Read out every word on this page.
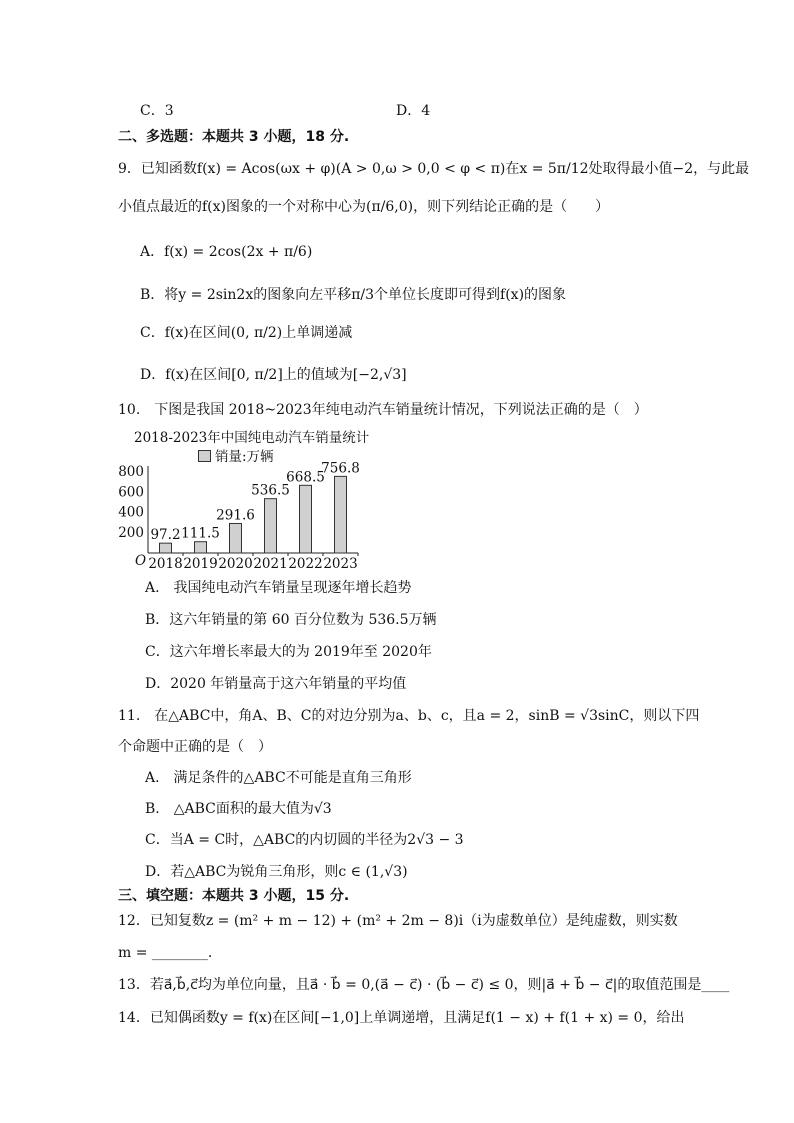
C．3	D．4
二、多选题：本题共 3 小题，18 分.
9．已知函数f(x) = Acos(ωx + φ)(A > 0,ω > 0,0 < φ < π)在x = 5π/12处取得最小值−2，与此最
小值点最近的f(x)图象的一个对称中心为(π/6,0)，则下列结论正确的是（　　）
A．f(x) = 2cos(2x + π/6)
B．将y = 2sin2x的图象向左平移π/3个单位长度即可得到f(x)的图象
C．f(x)在区间(0, π/2)上单调递减
D．f(x)在区间[0, π/2]上的值域为[−2,√3]
10.　下图是我国 2018~2023年纯电动汽车销量统计情况，下列说法正确的是（　）
2018-2023年中国纯电动汽车销量统计
销量:万辆
800
600
400
200
O
97.2
2018
111.5
2019
291.6
2020
536.5
2021
668.5
2022
756.8
2023
A.　我国纯电动汽车销量呈现逐年增长趋势
B．这六年销量的第 60 百分位数为 536.5万辆
C．这六年增长率最大的为 2019年至 2020年
D．2020 年销量高于这六年销量的平均值
11.　在△ABC中，角A、B、C的对边分别为a、b、c，且a = 2，sinB = √3sinC，则以下四
个命题中正确的是（　）
A.　满足条件的△ABC不可能是直角三角形
B.　△ABC面积的最大值为√3
C．当A = C时，△ABC的内切圆的半径为2√3 − 3
D．若△ABC为锐角三角形，则c ∈ (1,√3)
三、填空题：本题共 3 小题，15 分.
12．已知复数z = (m² + m − 12) + (m² + 2m − 8)i（i为虚数单位）是纯虚数，则实数
m = ________.
13．若a⃗,b⃗,c⃗均为单位向量，且a⃗ · b⃗ = 0,(a⃗ − c⃗) · (b⃗ − c⃗) ≤ 0，则|a⃗ + b⃗ − c⃗|的取值范围是____
14．已知偶函数y = f(x)在区间[−1,0]上单调递增，且满足f(1 − x) + f(1 + x) = 0，给出
